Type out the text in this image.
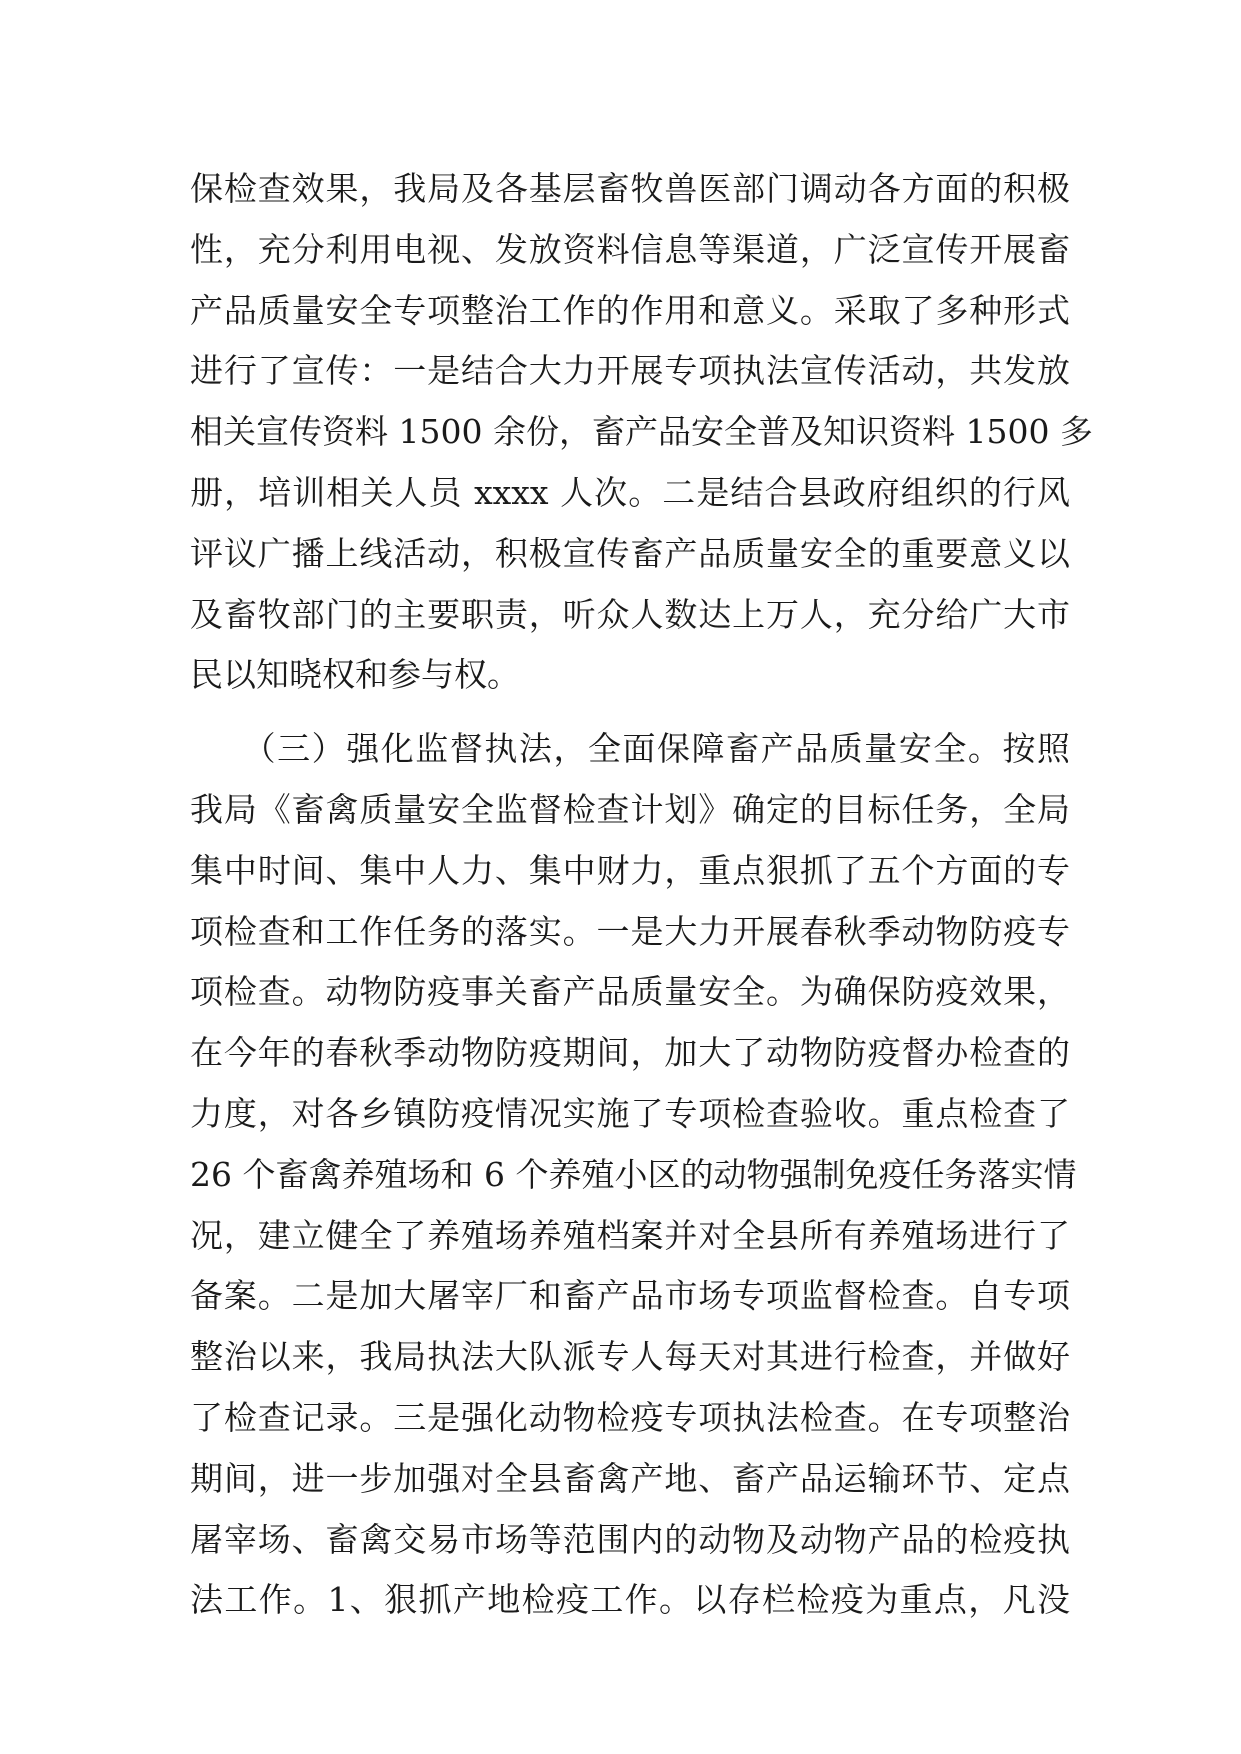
保检查效果，我局及各基层畜牧兽医部门调动各方面的积极
性，充分利用电视、发放资料信息等渠道，广泛宣传开展畜
产品质量安全专项整治工作的作用和意义。采取了多种形式
进行了宣传：一是结合大力开展专项执法宣传活动，共发放
相关宣传资料 1500 余份，畜产品安全普及知识资料 1500 多
册，培训相关人员 xxxx 人次。二是结合县政府组织的行风
评议广播上线活动，积极宣传畜产品质量安全的重要意义以
及畜牧部门的主要职责，听众人数达上万人，充分给广大市
民以知晓权和参与权。
　　（三）强化监督执法，全面保障畜产品质量安全。按照
我局《畜禽质量安全监督检查计划》确定的目标任务，全局
集中时间、集中人力、集中财力，重点狠抓了五个方面的专
项检查和工作任务的落实。一是大力开展春秋季动物防疫专
项检查。动物防疫事关畜产品质量安全。为确保防疫效果，
在今年的春秋季动物防疫期间，加大了动物防疫督办检查的
力度，对各乡镇防疫情况实施了专项检查验收。重点检查了
26 个畜禽养殖场和 6 个养殖小区的动物强制免疫任务落实情
况，建立健全了养殖场养殖档案并对全县所有养殖场进行了
备案。二是加大屠宰厂和畜产品市场专项监督检查。自专项
整治以来，我局执法大队派专人每天对其进行检查，并做好
了检查记录。三是强化动物检疫专项执法检查。在专项整治
期间，进一步加强对全县畜禽产地、畜产品运输环节、定点
屠宰场、畜禽交易市场等范围内的动物及动物产品的检疫执
法工作。1、狠抓产地检疫工作。以存栏检疫为重点，凡没
